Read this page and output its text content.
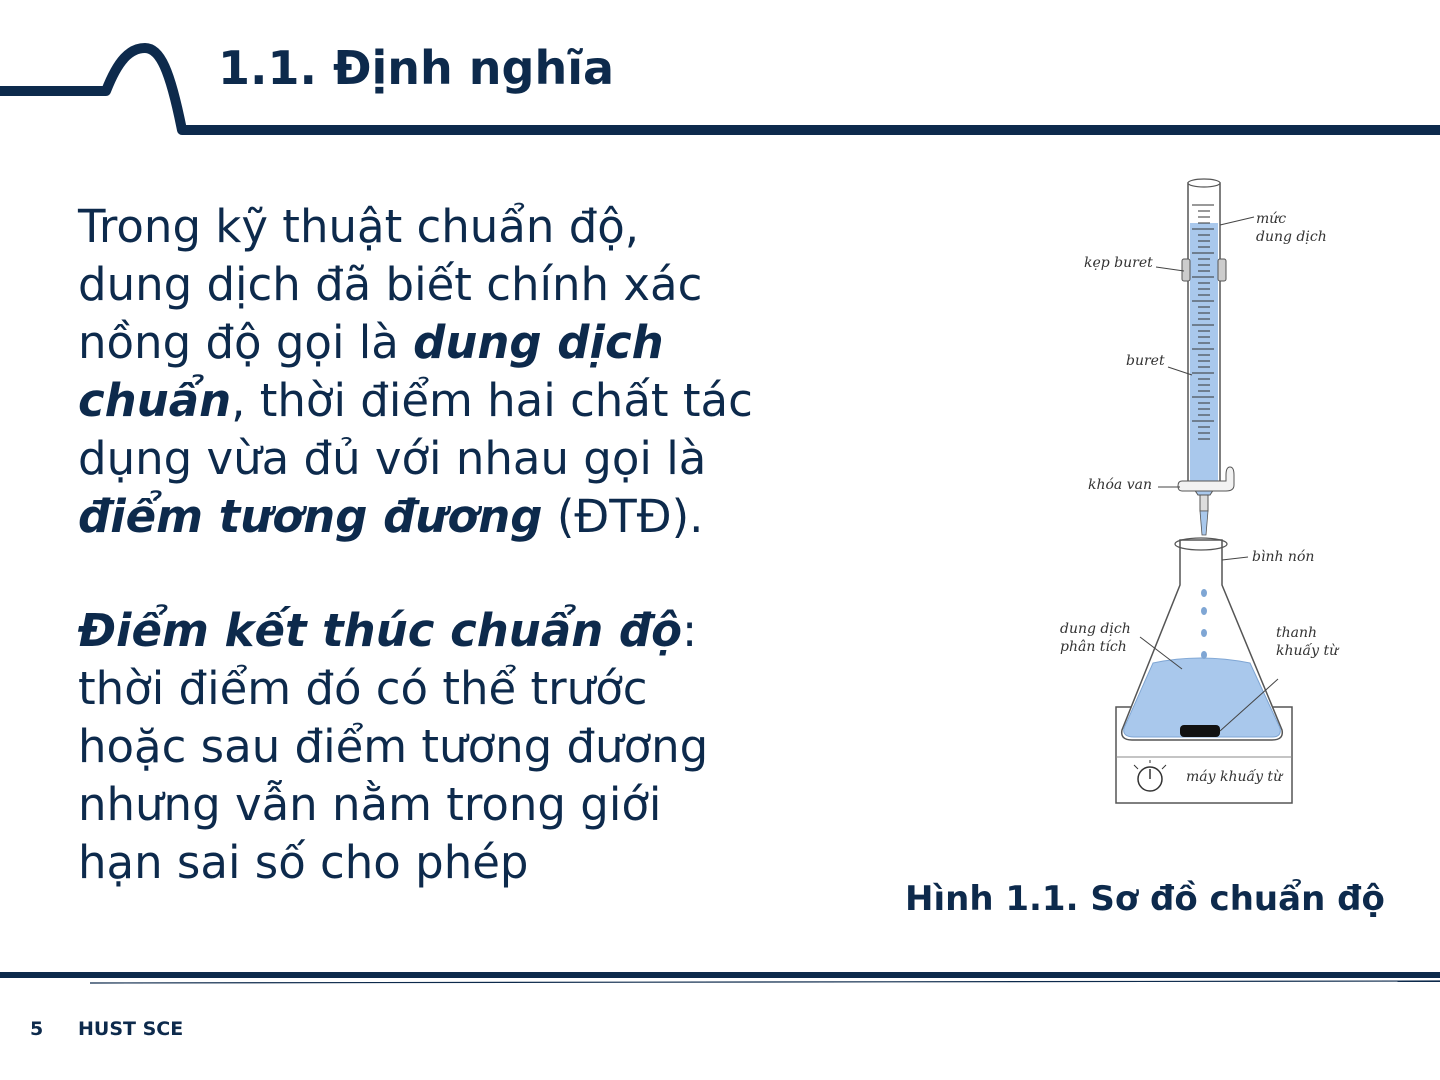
1.1. Định nghĩa

Trong kỹ thuật chuẩn độ, dung dịch đã biết chính xác nồng độ gọi là dung dịch chuẩn, thời điểm hai chất tác dụng vừa đủ với nhau gọi là điểm tương đương (ĐTĐ).

Điểm kết thúc chuẩn độ: thời điểm đó có thể trước hoặc sau điểm tương đương nhưng vẫn nằm trong giới hạn sai số cho phép

mức
dung dịch
kẹp buret
buret
khóa van
bình nón
dung dịch
phân tích
thanh
khuấy từ
máy khuấy từ
Hình 1.1. Sơ đồ chuẩn độ
5 HUST SCE
